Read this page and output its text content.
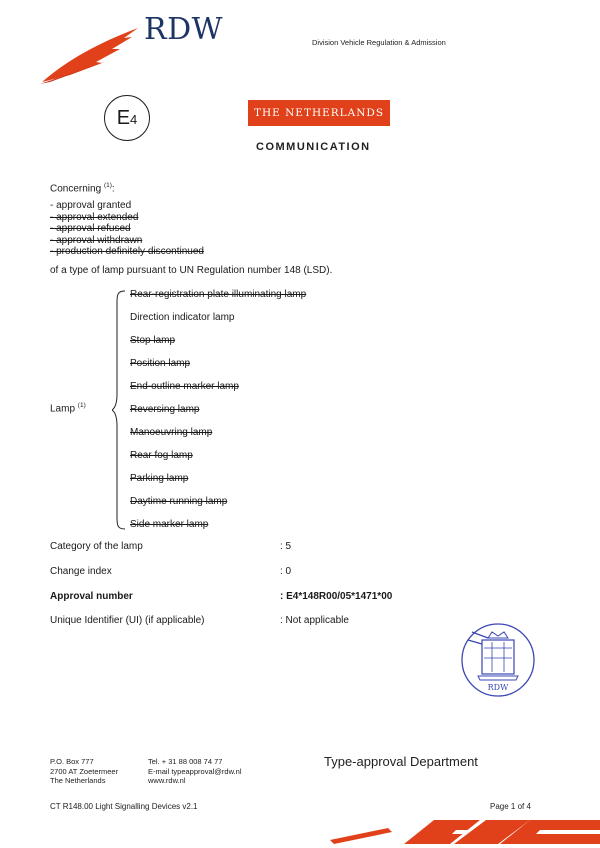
RDW	Division Vehicle Regulation & Admission
E4	THE NETHERLANDS
COMMUNICATION
Concerning $^{(1)}$:
- approval granted
- approval extended
- approval refused
- approval withdrawn
- production definitely discontinued
of a type of lamp pursuant to UN Regulation number 148 (LSD).
Lamp $^{(1)}$
Rear-registration plate illuminating lamp
Direction indicator lamp
Stop lamp
Position lamp
End-outline marker lamp
Reversing lamp
Manoeuvring lamp
Rear fog lamp
Parking lamp
Daytime running lamp
Side marker lamp
Category of the lamp	: 5
Change index	: 0
Approval number	: E4*148R00/05*1471*00
Unique Identifier (UI) (if applicable)	: Not applicable
RDW
P.O. Box 777
2700 AT Zoetermeer
The Netherlands
Tel. + 31 88 008 74 77
E-mail typeapproval@rdw.nl
www.rdw.nl
Type-approval Department
CT R148.00 Light Signalling Devices v2.1	Page 1 of 4
